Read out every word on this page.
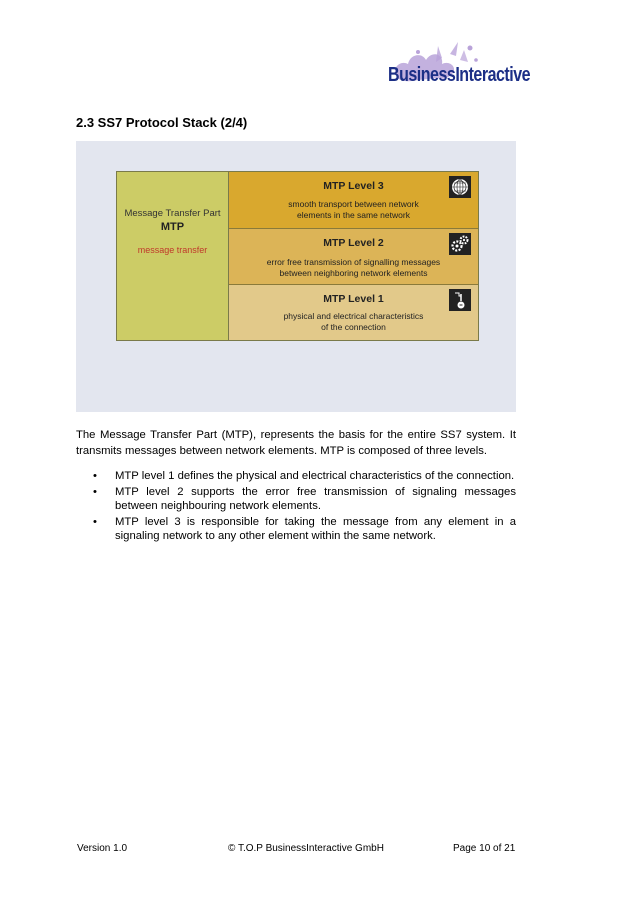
BusinessInteractive
2.3 SS7 Protocol Stack (2/4)
Message Transfer Part
MTP
message transfer
MTP Level 3
smooth transport between network
elements in the same network
MTP Level 2
error free transmission of signalling messages
between neighboring network elements
MTP Level 1
physical and electrical characteristics
of the connection
The Message Transfer Part (MTP), represents the basis for the entire SS7 system. It transmits messages between network elements. MTP is composed of three levels.
• MTP level 1 defines the physical and electrical characteristics of the connection.
• MTP level 2 supports the error free transmission of signaling messages between neighbouring network elements.
• MTP level 3 is responsible for taking the message from any element in a signaling network to any other element within the same network.
Version 1.0	© T.O.P BusinessInteractive GmbH	Page 10 of 21
